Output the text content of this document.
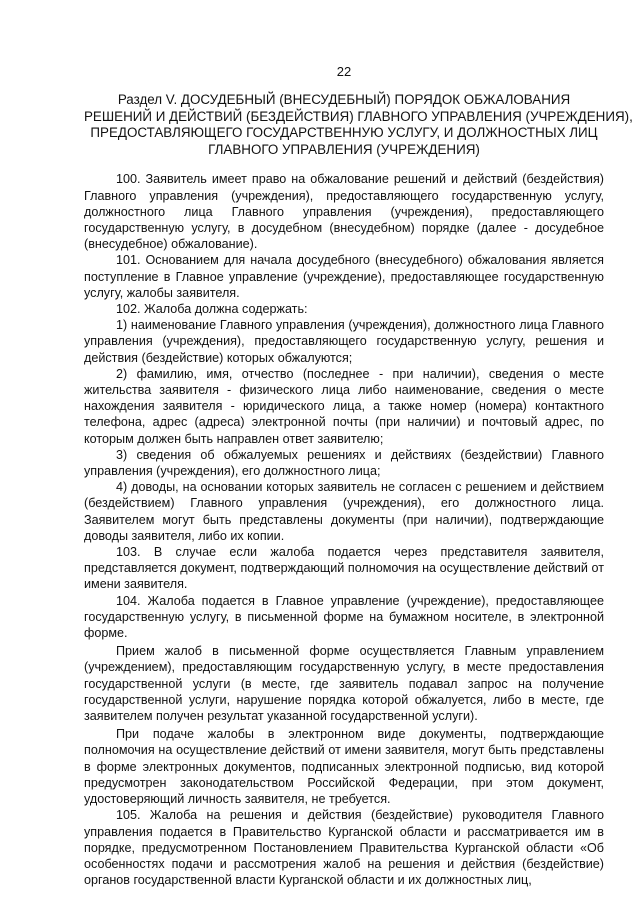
22
Раздел V. ДОСУДЕБНЫЙ (ВНЕСУДЕБНЫЙ) ПОРЯДОК ОБЖАЛОВАНИЯ
РЕШЕНИЙ И ДЕЙСТВИЙ (БЕЗДЕЙСТВИЯ) ГЛАВНОГО УПРАВЛЕНИЯ (УЧРЕЖДЕНИЯ),
ПРЕДОСТАВЛЯЮЩЕГО ГОСУДАРСТВЕННУЮ УСЛУГУ, И ДОЛЖНОСТНЫХ ЛИЦ
ГЛАВНОГО УПРАВЛЕНИЯ (УЧРЕЖДЕНИЯ)

100. Заявитель имеет право на обжалование решений и действий (бездействия) Главного управления (учреждения), предоставляющего государственную услугу, должностного лица Главного управления (учреждения), предоставляющего государственную услугу, в досудебном (внесудебном) порядке (далее - досудебное (внесудебное) обжалование).

101. Основанием для начала досудебного (внесудебного) обжалования является поступление в Главное управление (учреждение), предоставляющее государственную услугу, жалобы заявителя.

102. Жалоба должна содержать:

1) наименование Главного управления (учреждения), должностного лица Главного управления (учреждения), предоставляющего государственную услугу, решения и действия (бездействие) которых обжалуются;

2) фамилию, имя, отчество (последнее - при наличии), сведения о месте жительства заявителя - физического лица либо наименование, сведения о месте нахождения заявителя - юридического лица, а также номер (номера) контактного телефона, адрес (адреса) электронной почты (при наличии) и почтовый адрес, по которым должен быть направлен ответ заявителю;

3) сведения об обжалуемых решениях и действиях (бездействии) Главного управления (учреждения), его должностного лица;

4) доводы, на основании которых заявитель не согласен с решением и действием (бездействием) Главного управления (учреждения), его должностного лица. Заявителем могут быть представлены документы (при наличии), подтверждающие доводы заявителя, либо их копии.

103. В случае если жалоба подается через представителя заявителя, представляется документ, подтверждающий полномочия на осуществление действий от имени заявителя.

104. Жалоба подается в Главное управление (учреждение), предоставляющее государственную услугу, в письменной форме на бумажном носителе, в электронной форме.

Прием жалоб в письменной форме осуществляется Главным управлением (учреждением), предоставляющим государственную услугу, в месте предоставления государственной услуги (в месте, где заявитель подавал запрос на получение государственной услуги, нарушение порядка которой обжалуется, либо в месте, где заявителем получен результат указанной государственной услуги).

При подаче жалобы в электронном виде документы, подтверждающие полномочия на осуществление действий от имени заявителя, могут быть представлены в форме электронных документов, подписанных электронной подписью, вид которой предусмотрен законодательством Российской Федерации, при этом документ, удостоверяющий личность заявителя, не требуется.

105. Жалоба на решения и действия (бездействие) руководителя Главного управления подается в Правительство Курганской области и рассматривается им в порядке, предусмотренном Постановлением Правительства Курганской области «Об особенностях подачи и рассмотрения жалоб на решения и действия (бездействие) органов государственной власти Курганской области и их должностных лиц,
